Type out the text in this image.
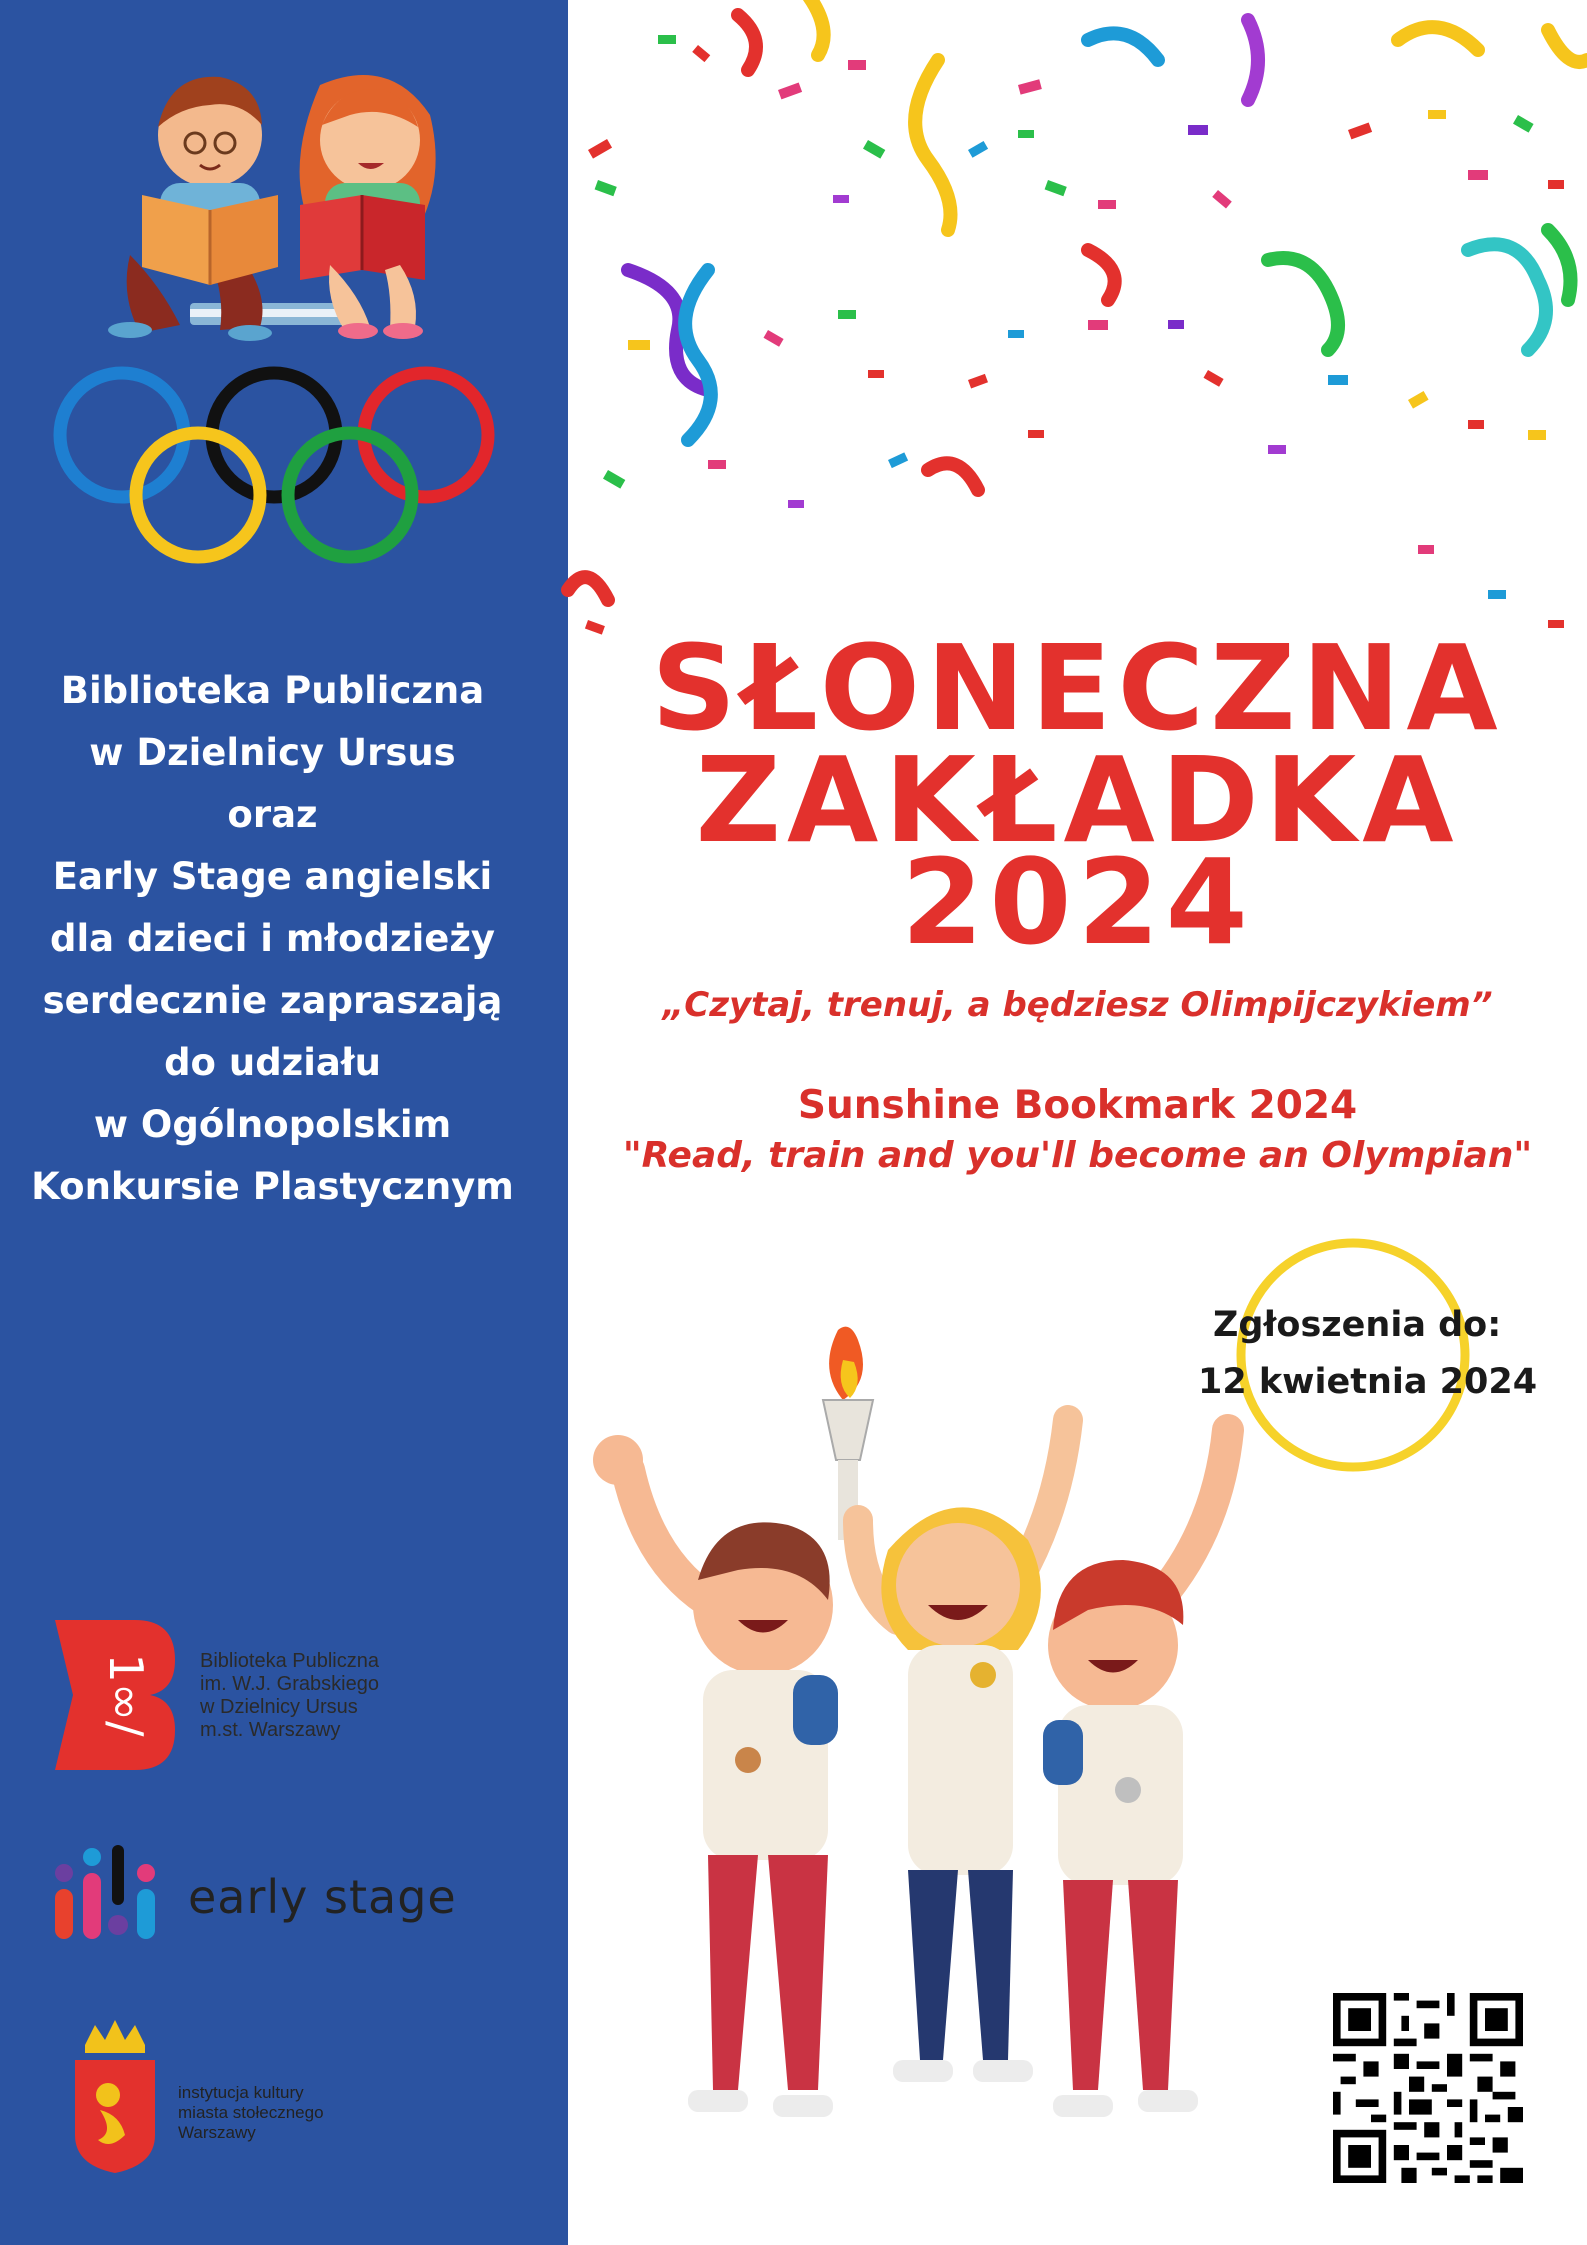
Biblioteka Publiczna
w Dzielnicy Ursus
oraz
Early Stage angielski
dla dzieci i młodzieży
serdecznie zapraszają
do udziału
w Ogólnopolskim
Konkursie Plastycznym
1∞/ Biblioteka Publiczna
im. W.J. Grabskiego
w Dzielnicy Ursus
m.st. Warszawy
early stage
instytucja kultury
miasta stołecznego
Warszawy
SŁONECZNA
ZAKŁADKA
2024
„Czytaj, trenuj, a będziesz Olimpijczykiem”
Sunshine Bookmark 2024
"Read, train and you'll become an Olympian"
Zgłoszenia do:
12 kwietnia 2024
